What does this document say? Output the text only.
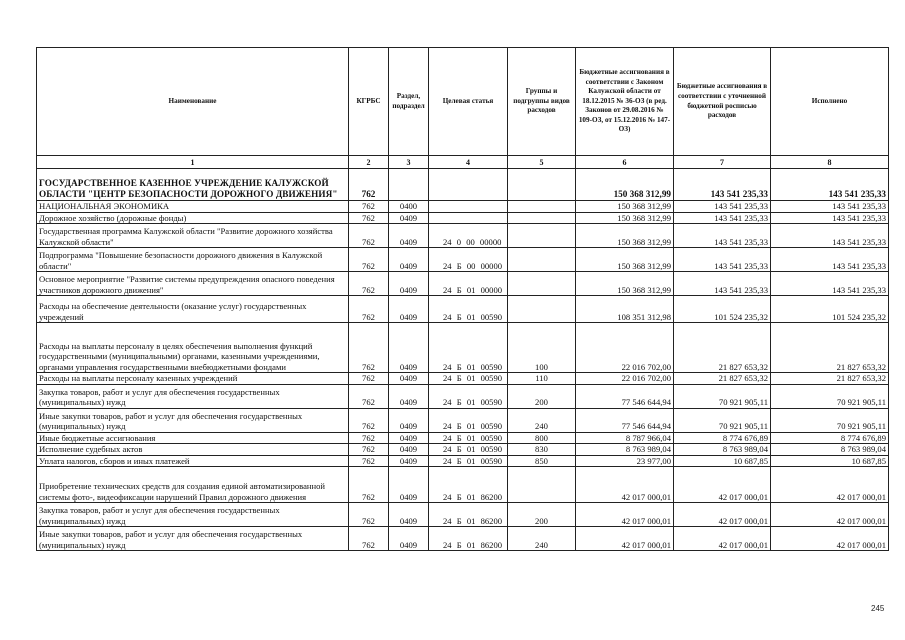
Наименование	КГРБС	Раздел, подраздел	Целевая статья	Группы и подгруппы видов расходов	Бюджетные ассигнования в соответствии с Законом Калужской области от 18.12.2015 № 36-ОЗ (в ред. Законов от 29.08.2016 № 109-ОЗ, от 15.12.2016 № 147-ОЗ)	Бюджетные ассигнования в соответствии с уточненной бюджетной росписью расходов	Исполнено
1	2	3	4	5	6	7	8
ГОСУДАРСТВЕННОЕ КАЗЕННОЕ УЧРЕЖДЕНИЕ КАЛУЖСКОЙ ОБЛАСТИ "ЦЕНТР БЕЗОПАСНОСТИ ДОРОЖНОГО ДВИЖЕНИЯ"	762				150 368 312,99	143 541 235,33	143 541 235,33
НАЦИОНАЛЬНАЯ ЭКОНОМИКА	762	0400			150 368 312,99	143 541 235,33	143 541 235,33
Дорожное хозяйство (дорожные фонды)	762	0409			150 368 312,99	143 541 235,33	143 541 235,33
Государственная программа Калужской области "Развитие дорожного хозяйства Калужской области"	762	0409	24 0 00 00000		150 368 312,99	143 541 235,33	143 541 235,33
Подпрограмма "Повышение безопасности дорожного движения в Калужской области"	762	0409	24 Б 00 00000		150 368 312,99	143 541 235,33	143 541 235,33
Основное мероприятие "Развитие системы предупреждения опасного поведения участников дорожного движения"	762	0409	24 Б 01 00000		150 368 312,99	143 541 235,33	143 541 235,33
Расходы на обеспечение деятельности (оказание услуг) государственных учреждений	762	0409	24 Б 01 00590		108 351 312,98	101 524 235,32	101 524 235,32
Расходы на выплаты персоналу в целях обеспечения выполнения функций государственными (муниципальными) органами, казенными учреждениями, органами управления государственными внебюджетными фондами	762	0409	24 Б 01 00590	100	22 016 702,00	21 827 653,32	21 827 653,32
Расходы на выплаты персоналу казенных учреждений	762	0409	24 Б 01 00590	110	22 016 702,00	21 827 653,32	21 827 653,32
Закупка товаров, работ и услуг для обеспечения государственных (муниципальных) нужд	762	0409	24 Б 01 00590	200	77 546 644,94	70 921 905,11	70 921 905,11
Иные закупки товаров, работ и услуг для обеспечения государственных (муниципальных) нужд	762	0409	24 Б 01 00590	240	77 546 644,94	70 921 905,11	70 921 905,11
Иные бюджетные ассигнования	762	0409	24 Б 01 00590	800	8 787 966,04	8 774 676,89	8 774 676,89
Исполнение судебных актов	762	0409	24 Б 01 00590	830	8 763 989,04	8 763 989,04	8 763 989,04
Уплата налогов, сборов и иных платежей	762	0409	24 Б 01 00590	850	23 977,00	10 687,85	10 687,85
Приобретение технических средств для создания единой автоматизированной системы фото-, видеофиксации нарушений Правил дорожного движения	762	0409	24 Б 01 86200		42 017 000,01	42 017 000,01	42 017 000,01
Закупка товаров, работ и услуг для обеспечения государственных (муниципальных) нужд	762	0409	24 Б 01 86200	200	42 017 000,01	42 017 000,01	42 017 000,01
Иные закупки товаров, работ и услуг для обеспечения государственных (муниципальных) нужд	762	0409	24 Б 01 86200	240	42 017 000,01	42 017 000,01	42 017 000,01
245
